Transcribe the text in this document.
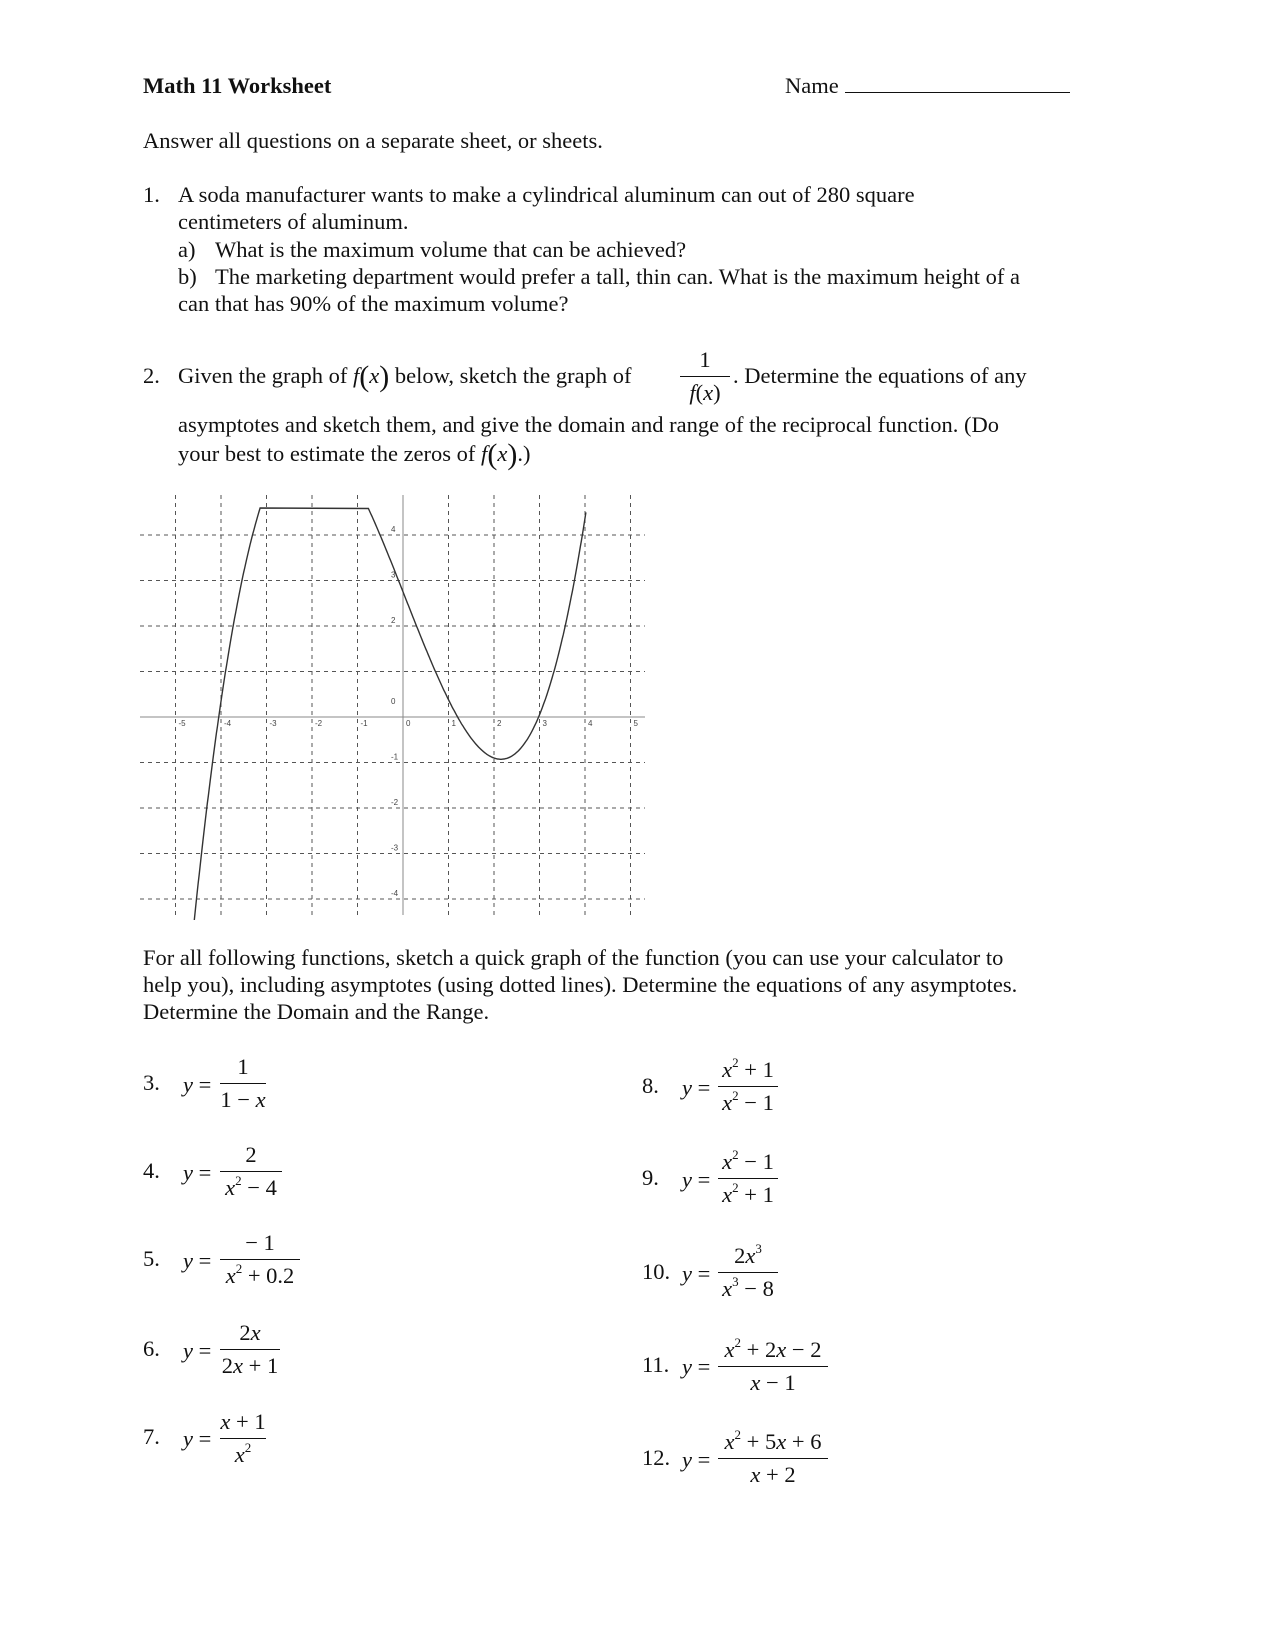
Math 11 Worksheet	Name
Answer all questions on a separate sheet, or sheets.
1. A soda manufacturer wants to make a cylindrical aluminum can out of 280 square
centimeters of aluminum.
a) What is the maximum volume that can be achieved?
b) The marketing department would prefer a tall, thin can. What is the maximum height of a
can that has 90% of the maximum volume?
2. Given the graph of f(x) below, sketch the graph of
1
f(x)
. Determine the equations of any
asymptotes and sketch them, and give the domain and range of the reciprocal function. (Do
your best to estimate the zeros of f(x).)
-5	-4	-3	-2	-1	0	1	2	3	4	5
4
3
2
0
-1
-2
-3
-4
For all following functions, sketch a quick graph of the function (you can use your calculator to
help you), including asymptotes (using dotted lines). Determine the equations of any asymptotes.
Determine the Domain and the Range.
3. y =
1
1 − x
4. y =
2
$x^2 - 4$
5. y =
− 1
$x^2 + 0.2$
6. y =
2x
2x + 1
7. y =
x + 1
$x^2$
8. y =
$x^2 + 1$
$x^2 - 1$
9. y =
$x^2 - 1$
$x^2 + 1$
10. y =
$2x^3$
$x^3 - 8$
11. y =
$x^2 + 2x - 2$
x − 1
12. y =
$x^2 + 5x + 6$
x + 2
